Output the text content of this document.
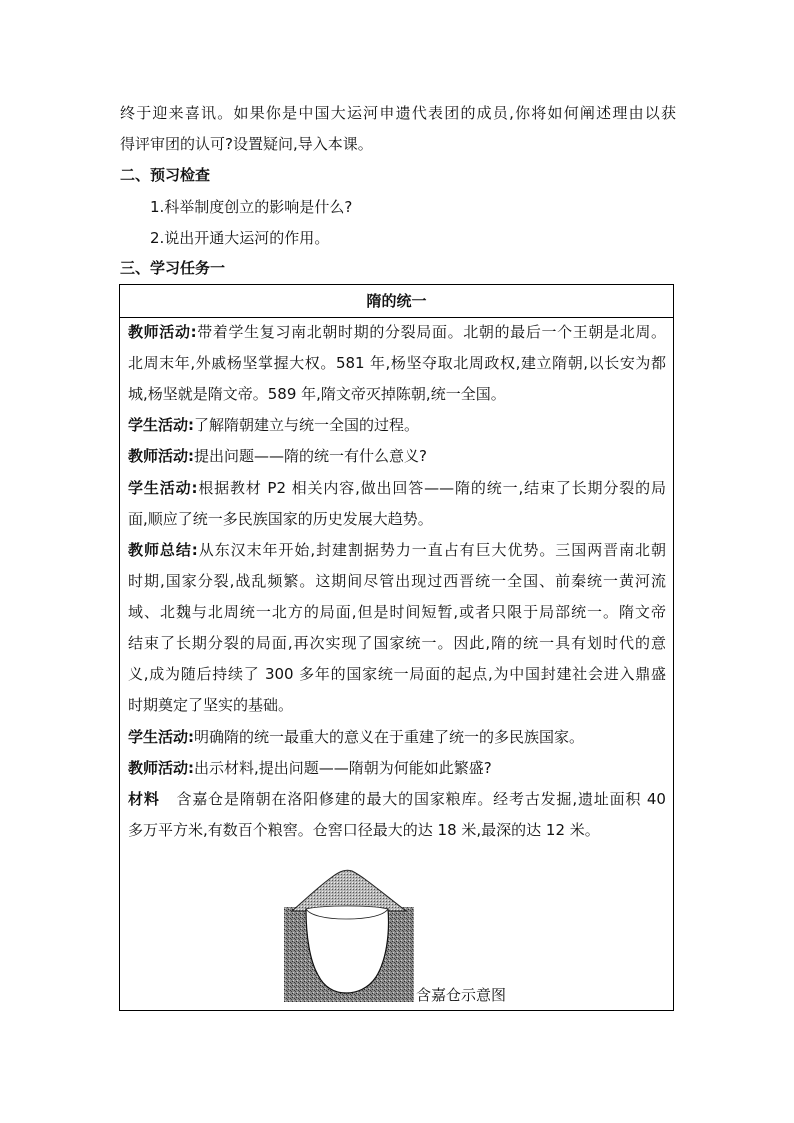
终于迎来喜讯。如果你是中国大运河申遗代表团的成员,你将如何阐述理由以获
得评审团的认可?设置疑问,导入本课。
二、预习检查
1.科举制度创立的影响是什么?
2.说出开通大运河的作用。
三、学习任务一
隋的统一
教师活动:带着学生复习南北朝时期的分裂局面。北朝的最后一个王朝是北周。
北周末年,外戚杨坚掌握大权。581 年,杨坚夺取北周政权,建立隋朝,以长安为都
城,杨坚就是隋文帝。589 年,隋文帝灭掉陈朝,统一全国。
学生活动:了解隋朝建立与统一全国的过程。
教师活动:提出问题——隋的统一有什么意义?
学生活动:根据教材 P2 相关内容,做出回答——隋的统一,结束了长期分裂的局
面,顺应了统一多民族国家的历史发展大趋势。
教师总结:从东汉末年开始,封建割据势力一直占有巨大优势。三国两晋南北朝
时期,国家分裂,战乱频繁。这期间尽管出现过西晋统一全国、前秦统一黄河流
域、北魏与北周统一北方的局面,但是时间短暂,或者只限于局部统一。隋文帝
结束了长期分裂的局面,再次实现了国家统一。因此,隋的统一具有划时代的意
义,成为随后持续了 300 多年的国家统一局面的起点,为中国封建社会进入鼎盛
时期奠定了坚实的基础。
学生活动:明确隋的统一最重大的意义在于重建了统一的多民族国家。
教师活动:出示材料,提出问题——隋朝为何能如此繁盛?
材料 含嘉仓是隋朝在洛阳修建的最大的国家粮库。经考古发掘,遗址面积 40
多万平方米,有数百个粮窖。仓窖口径最大的达 18 米,最深的达 12 米。
含嘉仓示意图
